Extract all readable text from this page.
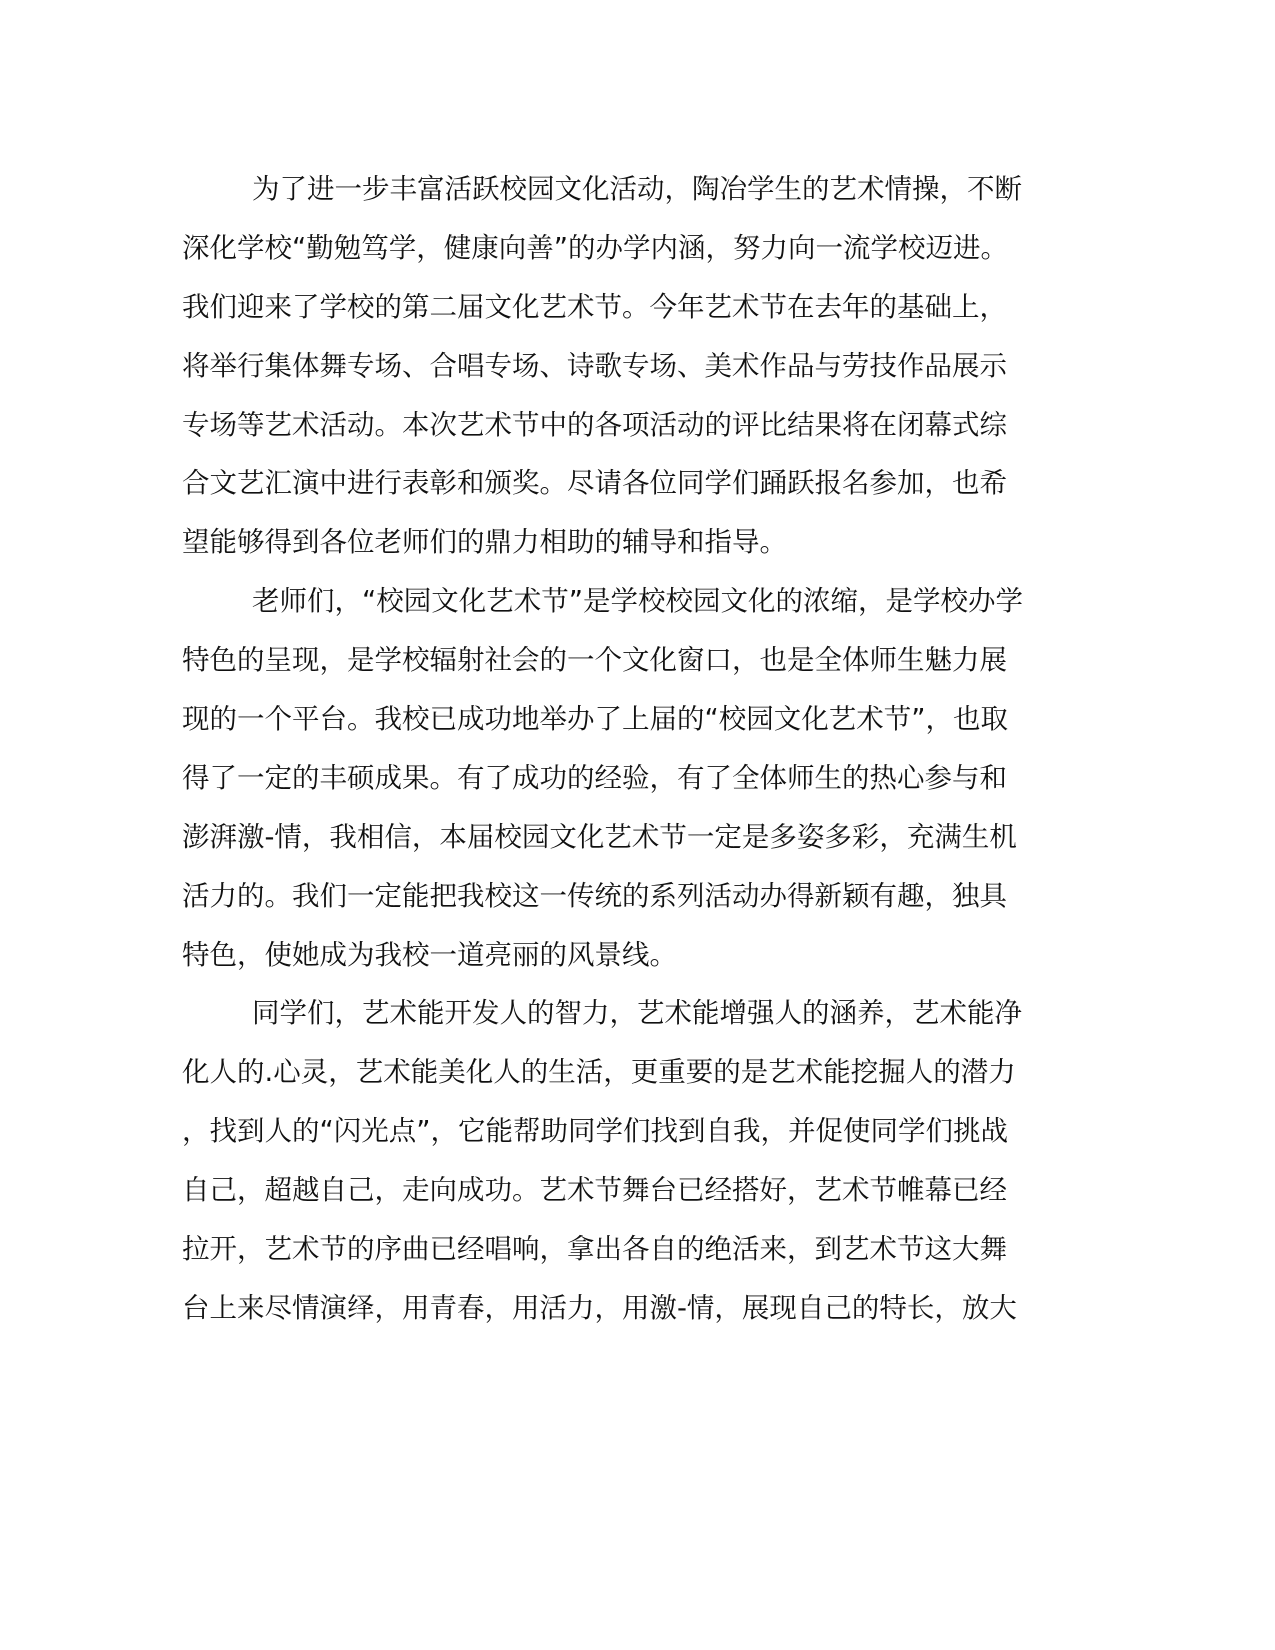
为了进一步丰富活跃校园文化活动，陶冶学生的艺术情操，不断
深化学校“勤勉笃学，健康向善”的办学内涵，努力向一流学校迈进。
我们迎来了学校的第二届文化艺术节。今年艺术节在去年的基础上，
将举行集体舞专场、合唱专场、诗歌专场、美术作品与劳技作品展示
专场等艺术活动。本次艺术节中的各项活动的评比结果将在闭幕式综
合文艺汇演中进行表彰和颁奖。尽请各位同学们踊跃报名参加，也希
望能够得到各位老师们的鼎力相助的辅导和指导。
老师们，“校园文化艺术节”是学校校园文化的浓缩，是学校办学
特色的呈现，是学校辐射社会的一个文化窗口，也是全体师生魅力展
现的一个平台。我校已成功地举办了上届的“校园文化艺术节”，也取
得了一定的丰硕成果。有了成功的经验，有了全体师生的热心参与和
澎湃激-情，我相信，本届校园文化艺术节一定是多姿多彩，充满生机
活力的。我们一定能把我校这一传统的系列活动办得新颖有趣，独具
特色，使她成为我校一道亮丽的风景线。
同学们，艺术能开发人的智力，艺术能增强人的涵养，艺术能净
化人的.心灵，艺术能美化人的生活，更重要的是艺术能挖掘人的潜力
，找到人的“闪光点”，它能帮助同学们找到自我，并促使同学们挑战
自己，超越自己，走向成功。艺术节舞台已经搭好，艺术节帷幕已经
拉开，艺术节的序曲已经唱响，拿出各自的绝活来，到艺术节这大舞
台上来尽情演绎，用青春，用活力，用激-情，展现自己的特长，放大
